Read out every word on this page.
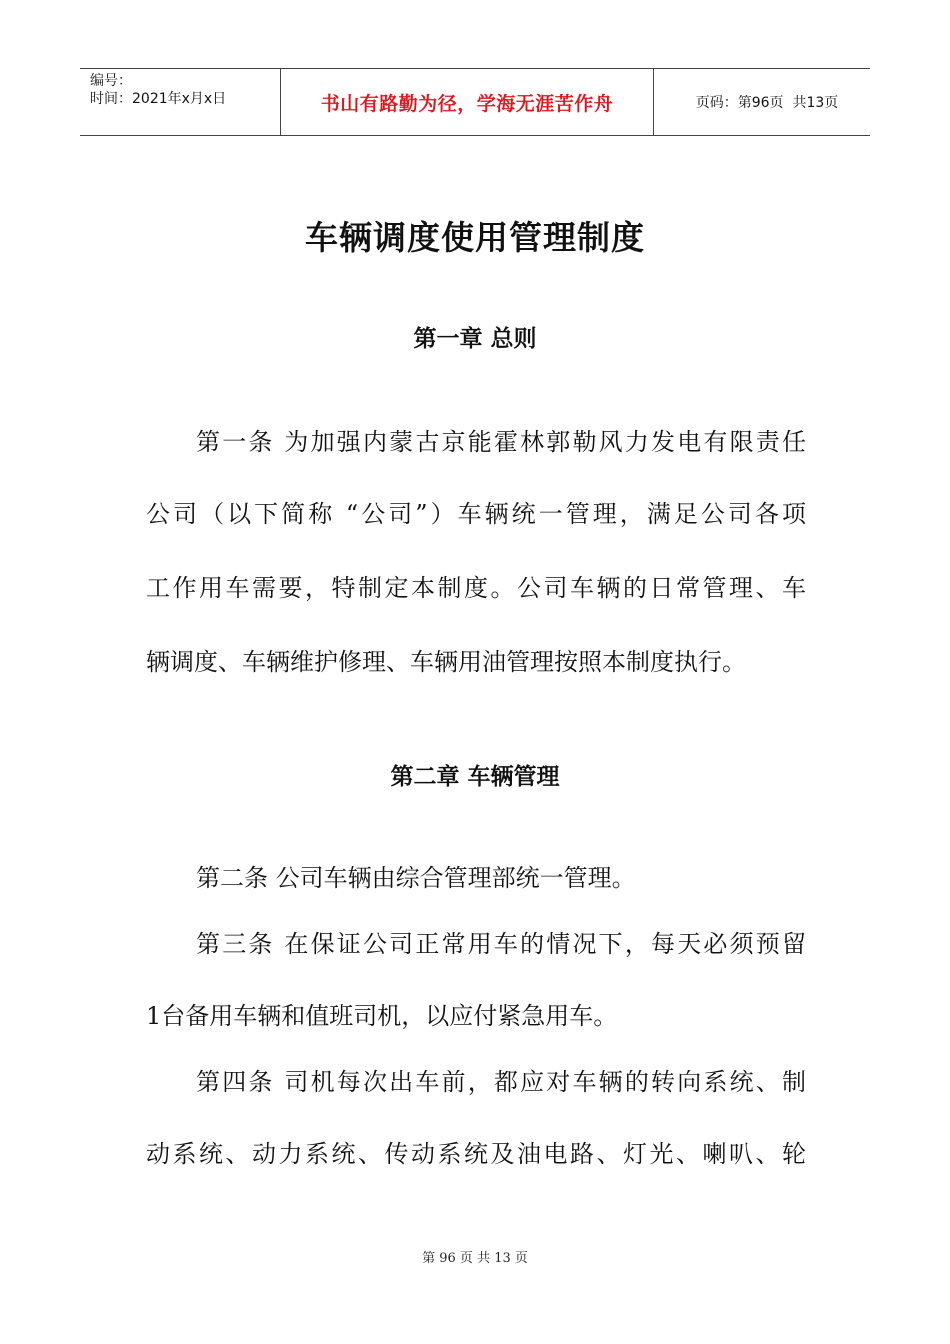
编号：
时间：2021年x月x日	书山有路勤为径，学海无涯苦作舟	页码：第96页  共13页
车辆调度使用管理制度
第一章 总则
第一条 为加强内蒙古京能霍林郭勒风力发电有限责任
公司（以下简称 “公司”）车辆统一管理，满足公司各项
工作用车需要，特制定本制度。公司车辆的日常管理、车
辆调度、车辆维护修理、车辆用油管理按照本制度执行。
第二章 车辆管理
第二条 公司车辆由综合管理部统一管理。
第三条 在保证公司正常用车的情况下，每天必须预留
1台备用车辆和值班司机，以应付紧急用车。
第四条 司机每次出车前，都应对车辆的转向系统、制
动系统、动力系统、传动系统及油电路、灯光、喇叭、轮
第 96 页 共 13 页
